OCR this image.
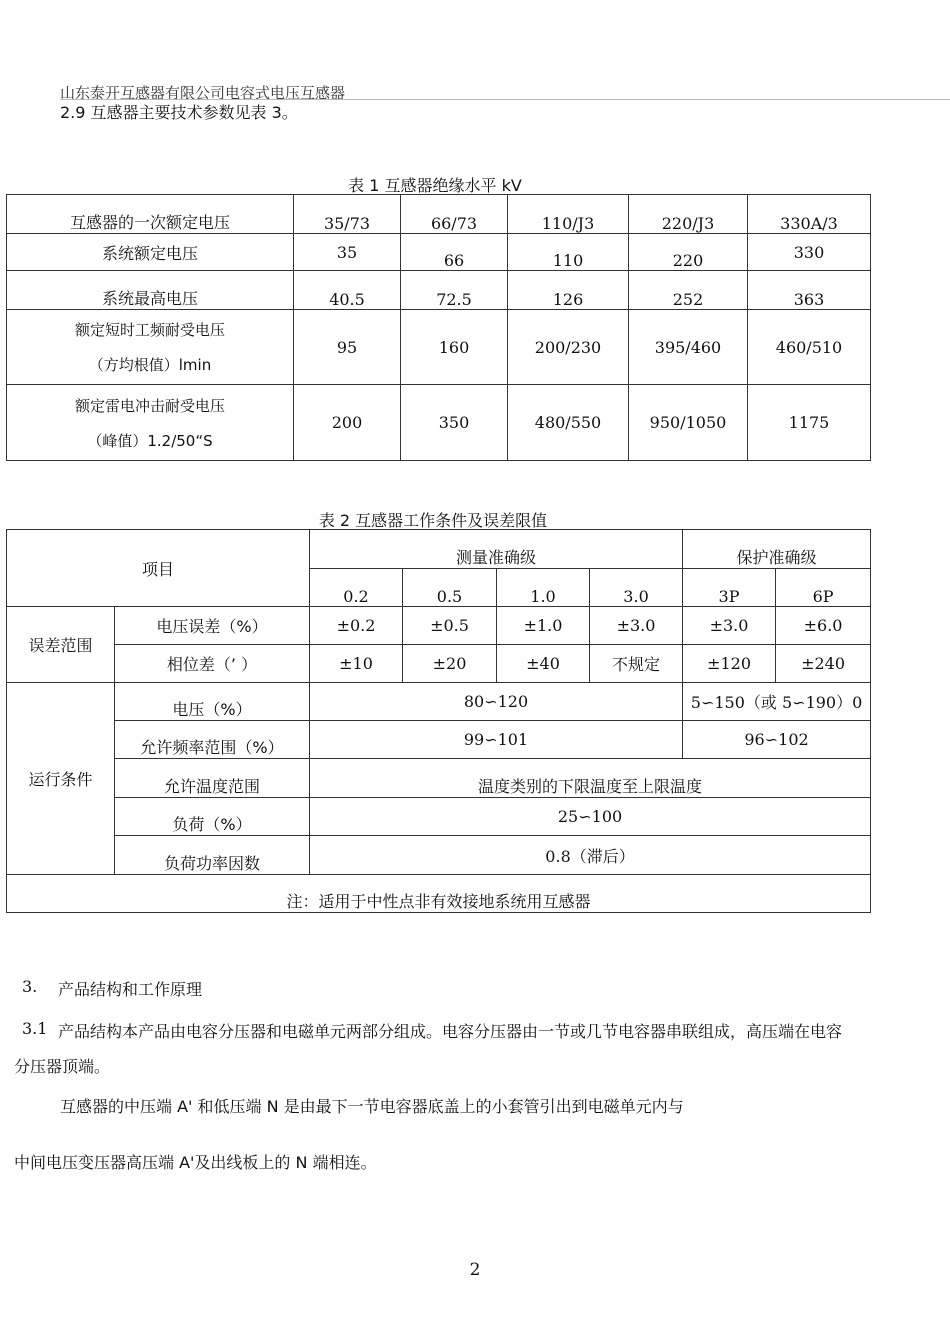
山东泰开互感器有限公司电容式电压互感器
2.9 互感器主要技术参数见表 3。
表 1 互感器绝缘水平 kV
互感器的一次额定电压	35/73	66/73	110/J3	220/J3	330A/3
系统额定电压	35	66	110	220	330
系统最高电压	40.5	72.5	126	252	363

额定短时工频耐受电压
（方均根值）lmin	95	160	200/230	395/460	460/510

额定雷电冲击耐受电压
（峰值）1.2/50“S	200	350	480/550	950/1050	1175
表 2 互感器工作条件及误差限值
项目		测量准确级				保护准确级	
		0.2	0.5	1.0	3.0	3P	6P
误差范围	电压误差（%）	±0.2	±0.5	±1.0	±3.0	±3.0	±6.0
	相位差（’ ）	±10	±20	±40	不规定	±120	±240
运行条件	电压（%）	80∽120				5∽150（或 5∽190）0	
	允许频率范围（%）	99∽101				96∽102	
	允许温度范围	温度类别的下限温度至上限温度					
	负荷（%）	25∽100					
	负荷功率因数	0.8（滞后）					
注：适用于中性点非有效接地系统用互感器							
3. 产品结构和工作原理
3.1 产品结构本产品由电容分压器和电磁单元两部分组成。电容分压器由一节或几节电容器串联组成，高压端在电容
分压器顶端。
互感器的中压端 A' 和低压端 N 是由最下一节电容器底盖上的小套管引出到电磁单元内与
中间电压变压器高压端 A'及出线板上的 N 端相连。
2
